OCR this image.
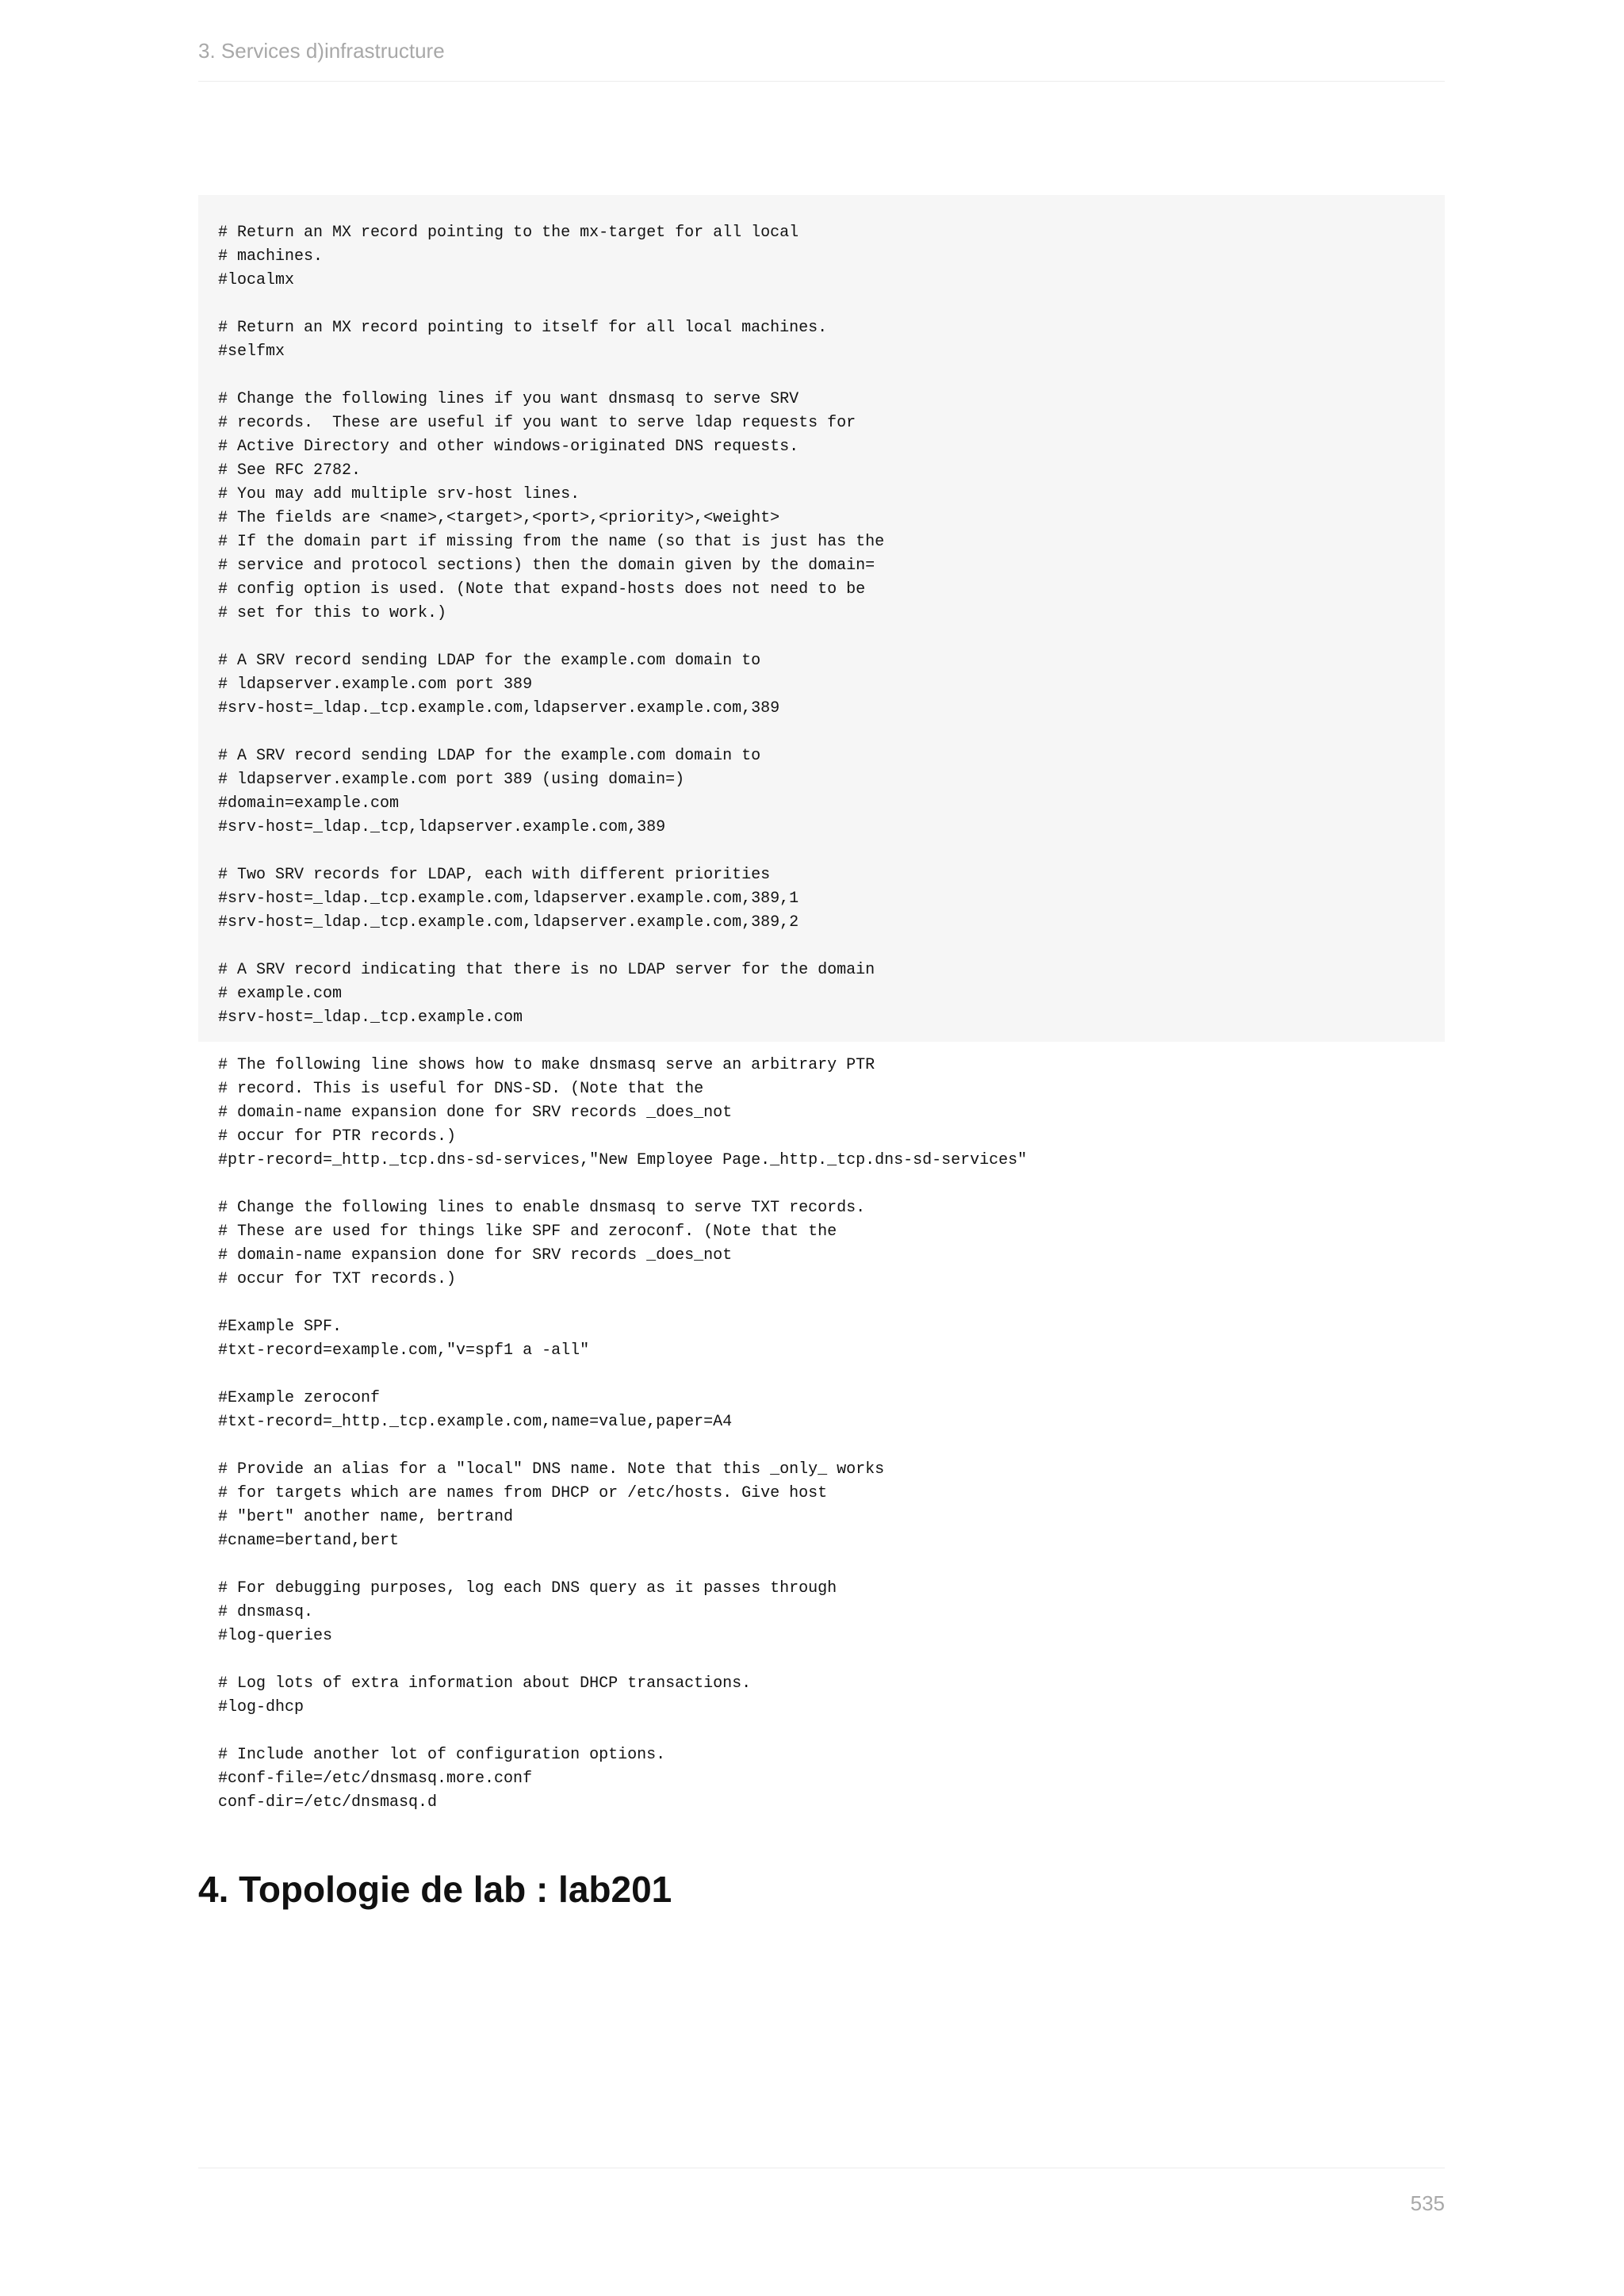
3. Services d)infrastructure
# Return an MX record pointing to the mx-target for all local
# machines.
#localmx
# Return an MX record pointing to itself for all local machines.
#selfmx
# Change the following lines if you want dnsmasq to serve SRV
# records.  These are useful if you want to serve ldap requests for
# Active Directory and other windows-originated DNS requests.
# See RFC 2782.
# You may add multiple srv-host lines.
# The fields are <name>,<target>,<port>,<priority>,<weight>
# If the domain part if missing from the name (so that is just has the
# service and protocol sections) then the domain given by the domain=
# config option is used. (Note that expand-hosts does not need to be
# set for this to work.)
# A SRV record sending LDAP for the example.com domain to
# ldapserver.example.com port 389
#srv-host=_ldap._tcp.example.com,ldapserver.example.com,389
# A SRV record sending LDAP for the example.com domain to
# ldapserver.example.com port 389 (using domain=)
#domain=example.com
#srv-host=_ldap._tcp,ldapserver.example.com,389
# Two SRV records for LDAP, each with different priorities
#srv-host=_ldap._tcp.example.com,ldapserver.example.com,389,1
#srv-host=_ldap._tcp.example.com,ldapserver.example.com,389,2
# A SRV record indicating that there is no LDAP server for the domain
# example.com
#srv-host=_ldap._tcp.example.com
# The following line shows how to make dnsmasq serve an arbitrary PTR
# record. This is useful for DNS-SD. (Note that the
# domain-name expansion done for SRV records _does_not
# occur for PTR records.)
#ptr-record=_http._tcp.dns-sd-services,"New Employee Page._http._tcp.dns-sd-services"
# Change the following lines to enable dnsmasq to serve TXT records.
# These are used for things like SPF and zeroconf. (Note that the
# domain-name expansion done for SRV records _does_not
# occur for TXT records.)
#Example SPF.
#txt-record=example.com,"v=spf1 a -all"
#Example zeroconf
#txt-record=_http._tcp.example.com,name=value,paper=A4
# Provide an alias for a "local" DNS name. Note that this _only_ works
# for targets which are names from DHCP or /etc/hosts. Give host
# "bert" another name, bertrand
#cname=bertand,bert
# For debugging purposes, log each DNS query as it passes through
# dnsmasq.
#log-queries
# Log lots of extra information about DHCP transactions.
#log-dhcp
# Include another lot of configuration options.
#conf-file=/etc/dnsmasq.more.conf
conf-dir=/etc/dnsmasq.d
4. Topologie de lab : lab201
535
